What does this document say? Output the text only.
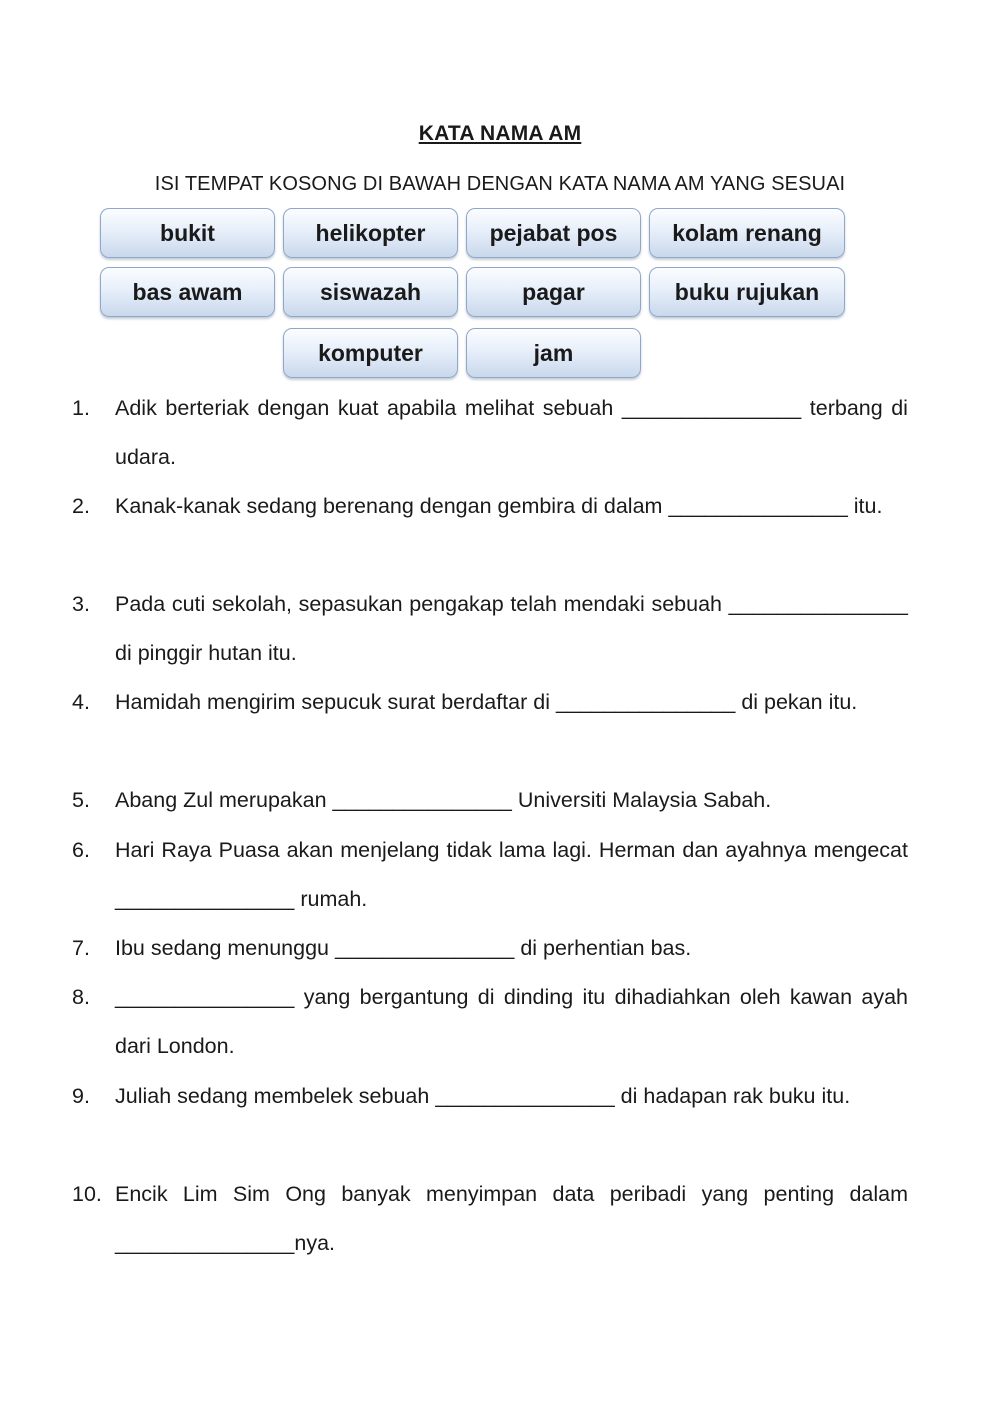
KATA NAMA AM
ISI TEMPAT KOSONG DI BAWAH DENGAN KATA NAMA AM YANG SESUAI
bukit	helikopter	pejabat pos	kolam renang
bas awam	siswazah	pagar	buku rujukan
komputer	jam
1. Adik berteriak dengan kuat apabila melihat sebuah _______________ terbang di udara.
2. Kanak-kanak sedang berenang dengan gembira di dalam _______________ itu.
3. Pada cuti sekolah, sepasukan pengakap telah mendaki sebuah _______________ di pinggir hutan itu.
4. Hamidah mengirim sepucuk surat berdaftar di _______________ di pekan itu.
5. Abang Zul merupakan _______________ Universiti Malaysia Sabah.
6. Hari Raya Puasa akan menjelang tidak lama lagi. Herman dan ayahnya mengecat _______________ rumah.
7. Ibu sedang menunggu _______________ di perhentian bas.
8. _______________ yang bergantung di dinding itu dihadiahkan oleh kawan ayah dari London.
9. Juliah sedang membelek sebuah _______________ di hadapan rak buku itu.
10. Encik Lim Sim Ong banyak menyimpan data peribadi yang penting dalam _______________nya.
